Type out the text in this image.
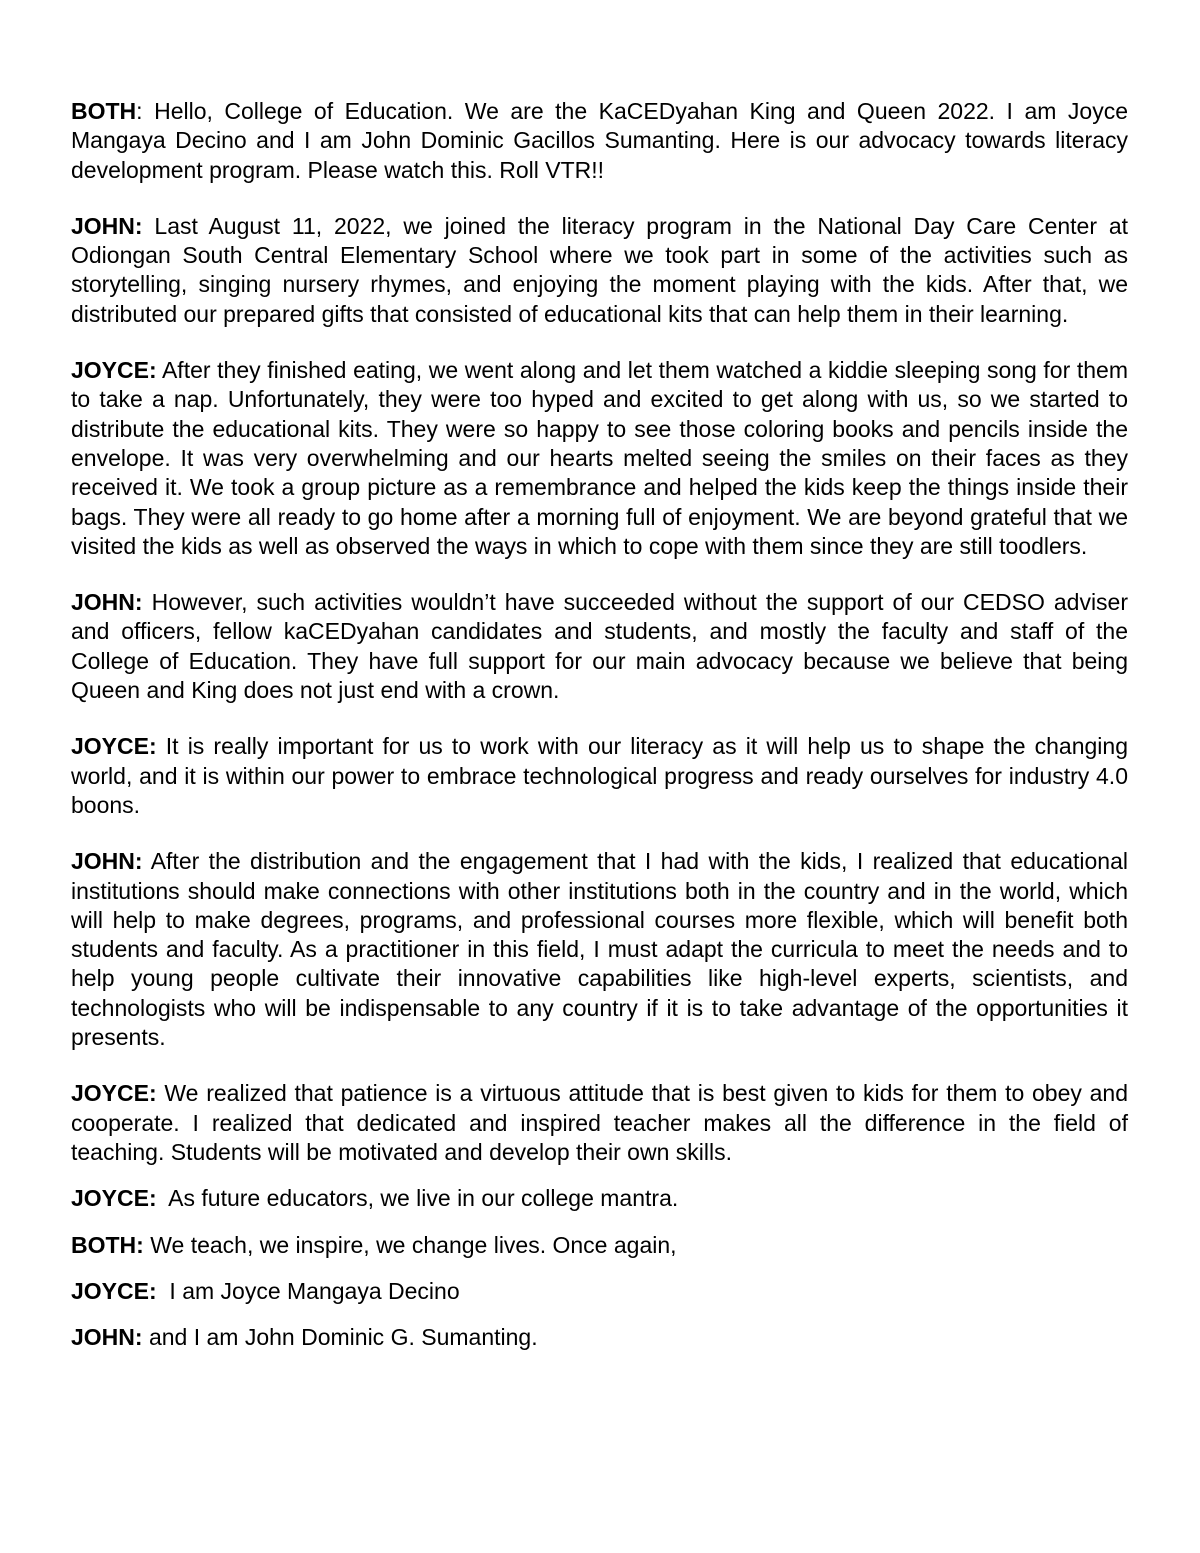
BOTH: Hello, College of Education. We are the KaCEDyahan King and Queen 2022. I am Joyce Mangaya Decino and I am John Dominic Gacillos Sumanting. Here is our advocacy towards literacy development program. Please watch this. Roll VTR!!

JOHN: Last August 11, 2022, we joined the literacy program in the National Day Care Center at Odiongan South Central Elementary School where we took part in some of the activities such as storytelling, singing nursery rhymes, and enjoying the moment playing with the kids. After that, we distributed our prepared gifts that consisted of educational kits that can help them in their learning.

JOYCE: After they finished eating, we went along and let them watched a kiddie sleeping song for them to take a nap. Unfortunately, they were too hyped and excited to get along with us, so we started to distribute the educational kits. They were so happy to see those coloring books and pencils inside the envelope. It was very overwhelming and our hearts melted seeing the smiles on their faces as they received it. We took a group picture as a remembrance and helped the kids keep the things inside their bags. They were all ready to go home after a morning full of enjoyment. We are beyond grateful that we visited the kids as well as observed the ways in which to cope with them since they are still toodlers.

JOHN: However, such activities wouldn’t have succeeded without the support of our CEDSO adviser and officers, fellow kaCEDyahan candidates and students, and mostly the faculty and staff of the College of Education. They have full support for our main advocacy because we believe that being Queen and King does not just end with a crown.

JOYCE: It is really important for us to work with our literacy as it will help us to shape the changing world, and it is within our power to embrace technological progress and ready ourselves for industry 4.0 boons.

JOHN: After the distribution and the engagement that I had with the kids, I realized that educational institutions should make connections with other institutions both in the country and in the world, which will help to make degrees, programs, and professional courses more flexible, which will benefit both students and faculty. As a practitioner in this field, I must adapt the curricula to meet the needs and to help young people cultivate their innovative capabilities like high-level experts, scientists, and technologists who will be indispensable to any country if it is to take advantage of the opportunities it presents.

JOYCE: We realized that patience is a virtuous attitude that is best given to kids for them to obey and cooperate. I realized that dedicated and inspired teacher makes all the difference in the field of teaching. Students will be motivated and develop their own skills.

JOYCE: As future educators, we live in our college mantra.

BOTH: We teach, we inspire, we change lives. Once again,

JOYCE: I am Joyce Mangaya Decino

JOHN: and I am John Dominic G. Sumanting.
